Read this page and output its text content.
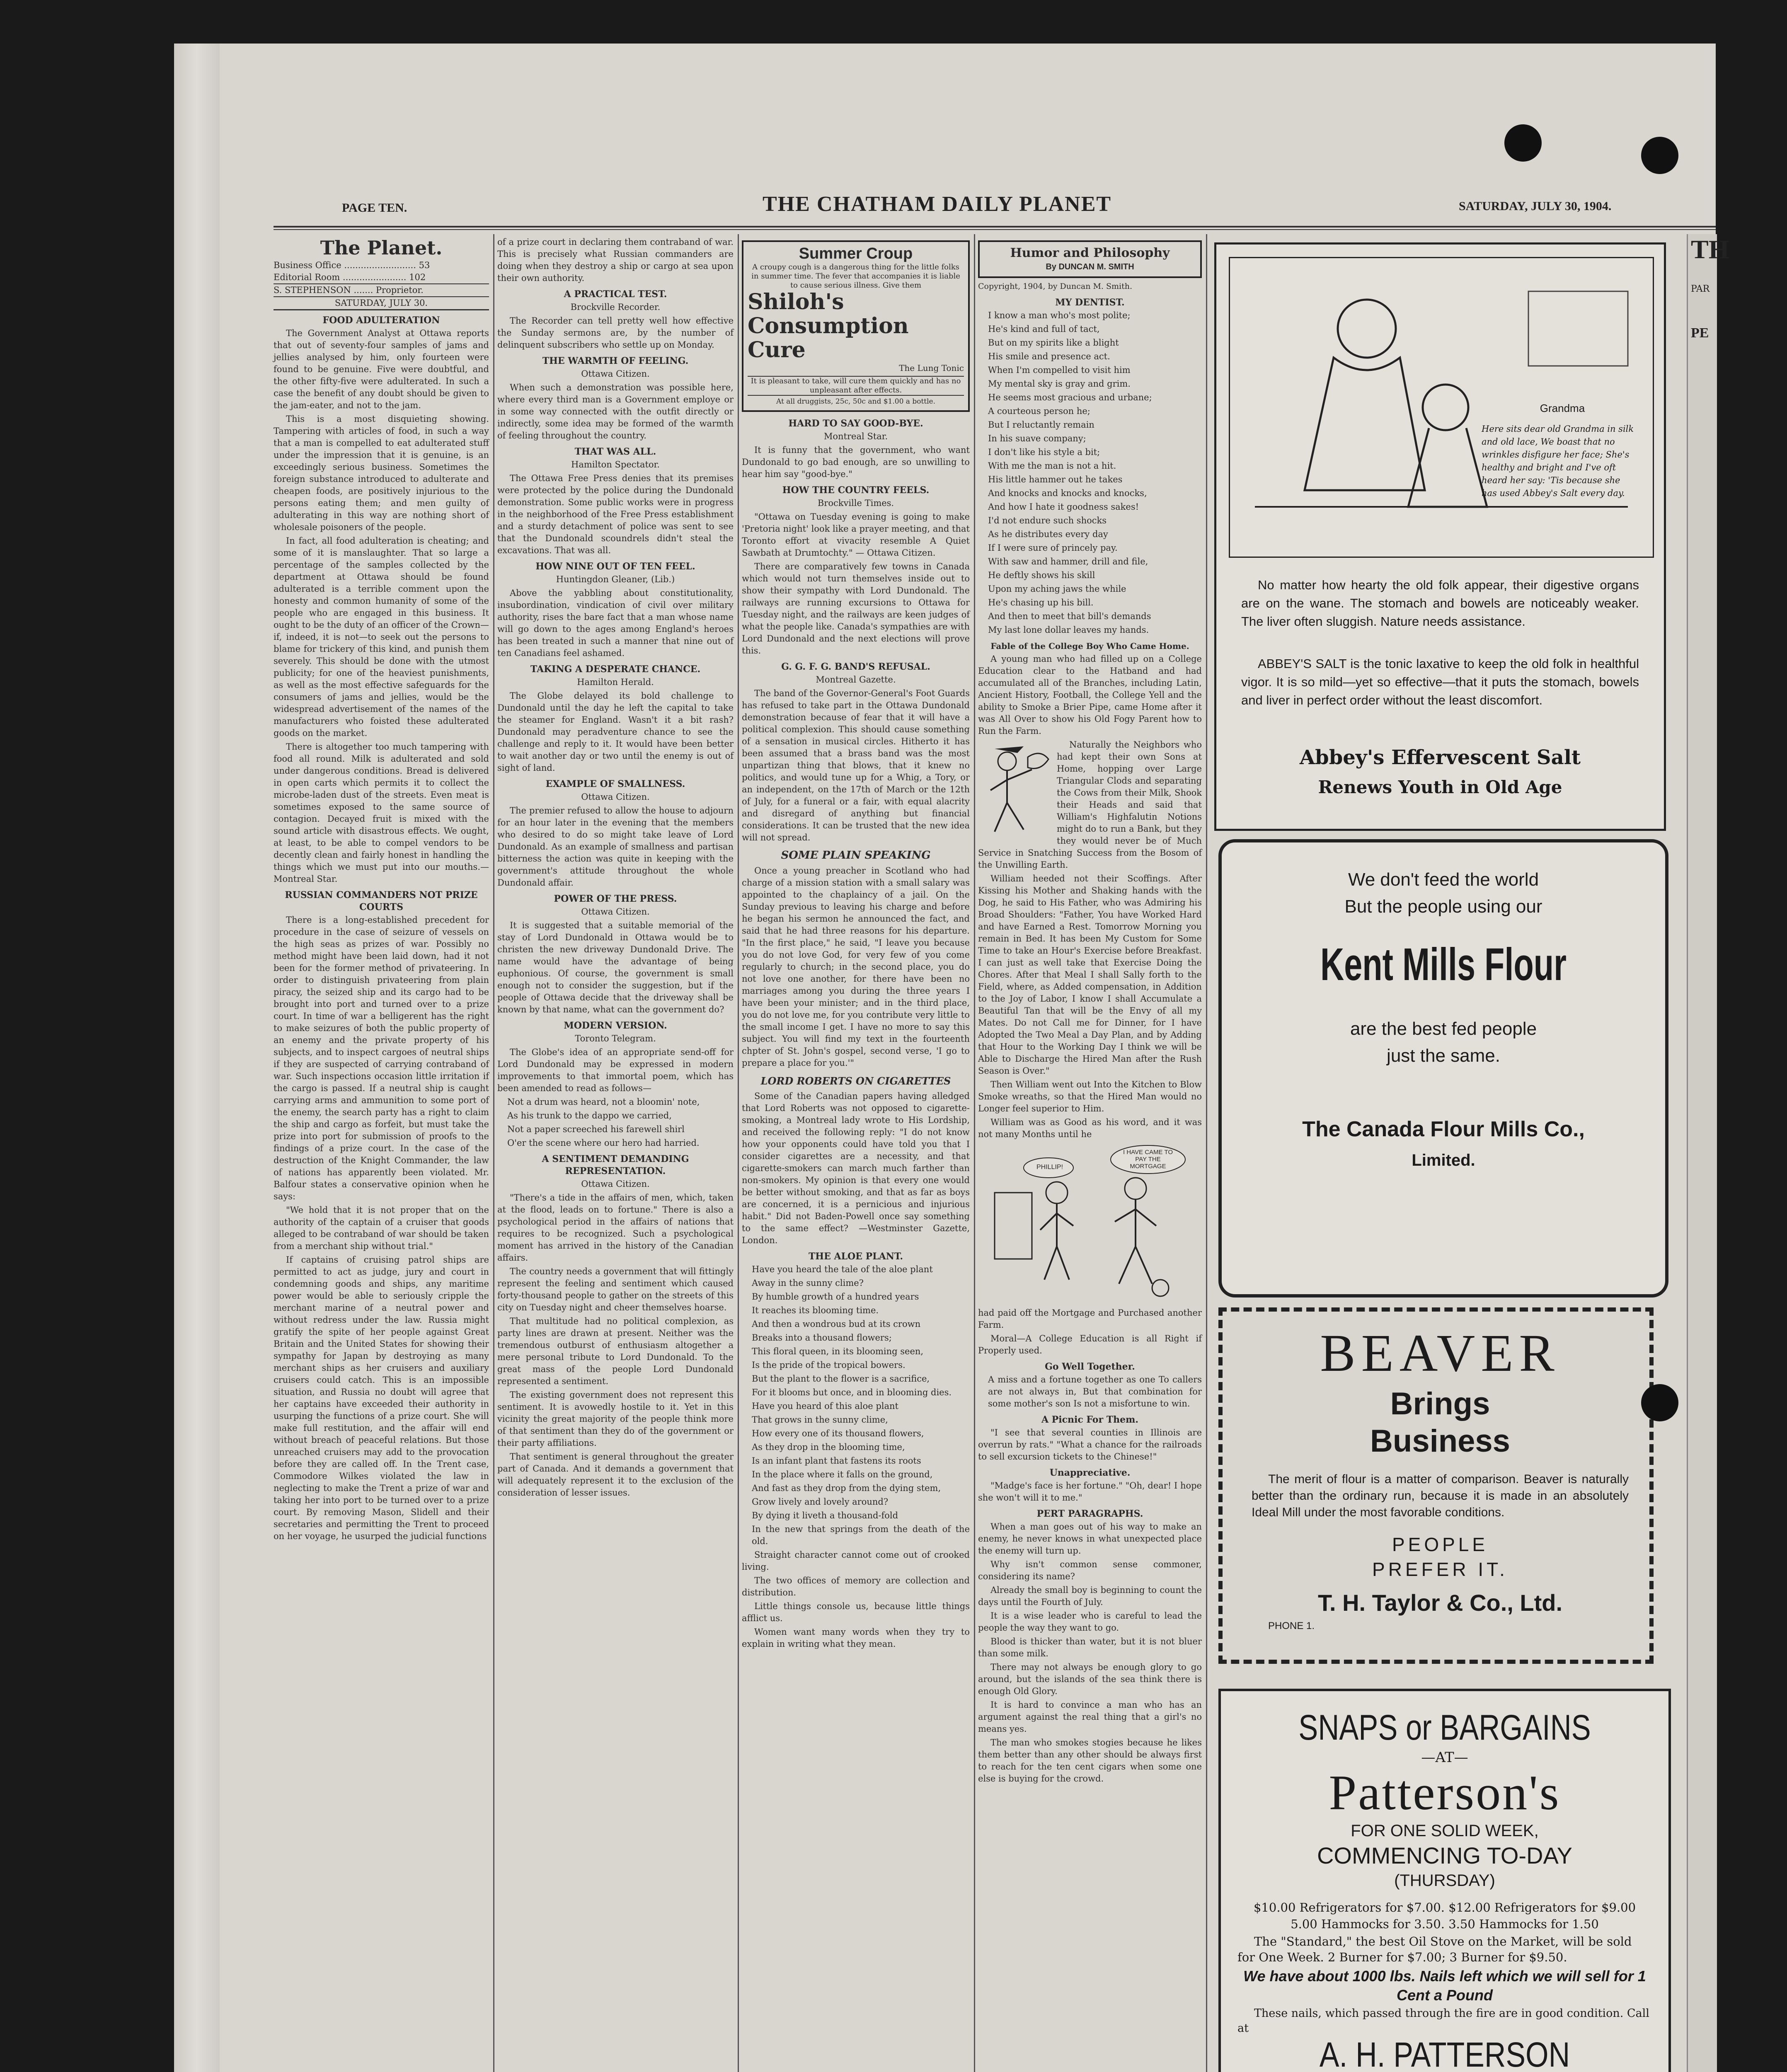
PAGE TEN.	THE CHATHAM DAILY PLANET	SATURDAY, JULY 30, 1904.
The Planet.
Business Office .......................... 53
Editorial Room ....................... 102
S. STEPHENSON ....... Proprietor.
SATURDAY, JULY 30.

FOOD ADULTERATION

The Government Analyst at Ottawa reports that out of seventy-four samples of jams and jellies analysed by him, only fourteen were found to be genuine. Five were doubtful, and the other fifty-five were adulterated. In such a case the benefit of any doubt should be given to the jam-eater, and not to the jam.

This is a most disquieting showing. Tampering with articles of food, in such a way that a man is compelled to eat adulterated stuff under the impression that it is genuine, is an exceedingly serious business. Sometimes the foreign substance introduced to adulterate and cheapen foods, are positively injurious to the persons eating them; and men guilty of adulterating in this way are nothing short of wholesale poisoners of the people.

In fact, all food adulteration is cheating; and some of it is manslaughter. That so large a percentage of the samples collected by the department at Ottawa should be found adulterated is a terrible comment upon the honesty and common humanity of some of the people who are engaged in this business. It ought to be the duty of an officer of the Crown—if, indeed, it is not—to seek out the persons to blame for trickery of this kind, and punish them severely. This should be done with the utmost publicity; for one of the heaviest punishments, as well as the most effective safeguards for the consumers of jams and jellies, would be the widespread advertisement of the names of the manufacturers who foisted these adulterated goods on the market.

There is altogether too much tampering with food all round. Milk is adulterated and sold under dangerous conditions. Bread is delivered in open carts which permits it to collect the microbe-laden dust of the streets. Even meat is sometimes exposed to the same source of contagion. Decayed fruit is mixed with the sound article with disastrous effects. We ought, at least, to be able to compel vendors to be decently clean and fairly honest in handling the things which we must put into our mouths.—Montreal Star.

RUSSIAN COMMANDERS NOT PRIZE COURTS

There is a long-established precedent for procedure in the case of seizure of vessels on the high seas as prizes of war. Possibly no method might have been laid down, had it not been for the former method of privateering. In order to distinguish privateering from plain piracy, the seized ship and its cargo had to be brought into port and turned over to a prize court. In time of war a belligerent has the right to make seizures of both the public property of an enemy and the private property of his subjects, and to inspect cargoes of neutral ships if they are suspected of carrying contraband of war. Such inspections occasion little irritation if the cargo is passed. If a neutral ship is caught carrying arms and ammunition to some port of the enemy, the search party has a right to claim the ship and cargo as forfeit, but must take the prize into port for submission of proofs to the findings of a prize court. In the case of the destruction of the Knight Commander, the law of nations has apparently been violated. Mr. Balfour states a conservative opinion when he says:

"We hold that it is not proper that on the authority of the captain of a cruiser that goods alleged to be contraband of war should be taken from a merchant ship without trial."

If captains of cruising patrol ships are permitted to act as judge, jury and court in condemning goods and ships, any maritime power would be able to seriously cripple the merchant marine of a neutral power and without redress under the law. Russia might gratify the spite of her people against Great Britain and the United States for showing their sympathy for Japan by destroying as many merchant ships as her cruisers and auxiliary cruisers could catch. This is an impossible situation, and Russia no doubt will agree that her captains have exceeded their authority in usurping the functions of a prize court. She will make full restitution, and the affair will end without breach of peaceful relations. But those unreached cruisers may add to the provocation before they are called off. In the Trent case, Commodore Wilkes violated the law in neglecting to make the Trent a prize of war and taking her into port to be turned over to a prize court. By removing Mason, Slidell and their secretaries and permitting the Trent to proceed on her voyage, he usurped the judicial functions

of a prize court in declaring them contraband of war. This is precisely what Russian commanders are doing when they destroy a ship or cargo at sea upon their own authority.

A PRACTICAL TEST.

Brockville Recorder.

The Recorder can tell pretty well how effective the Sunday sermons are, by the number of delinquent subscribers who settle up on Monday.

THE WARMTH OF FEELING.

Ottawa Citizen.

When such a demonstration was possible here, where every third man is a Government employe or in some way connected with the outfit directly or indirectly, some idea may be formed of the warmth of feeling throughout the country.

THAT WAS ALL.

Hamilton Spectator.

The Ottawa Free Press denies that its premises were protected by the police during the Dundonald demonstration. Some public works were in progress in the neighborhood of the Free Press establishment and a sturdy detachment of police was sent to see that the Dundonald scoundrels didn't steal the excavations. That was all.

HOW NINE OUT OF TEN FEEL.

Huntingdon Gleaner, (Lib.)

Above the yabbling about constitutionality, insubordination, vindication of civil over military authority, rises the bare fact that a man whose name will go down to the ages among England's heroes has been treated in such a manner that nine out of ten Canadians feel ashamed.

TAKING A DESPERATE CHANCE.

Hamilton Herald.

The Globe delayed its bold challenge to Dundonald until the day he left the capital to take the steamer for England. Wasn't it a bit rash? Dundonald may peradventure chance to see the challenge and reply to it. It would have been better to wait another day or two until the enemy is out of sight of land.

EXAMPLE OF SMALLNESS.

Ottawa Citizen.

The premier refused to allow the house to adjourn for an hour later in the evening that the members who desired to do so might take leave of Lord Dundonald. As an example of smallness and partisan bitterness the action was quite in keeping with the government's attitude throughout the whole Dundonald affair.

POWER OF THE PRESS.

Ottawa Citizen.

It is suggested that a suitable memorial of the stay of Lord Dundonald in Ottawa would be to christen the new driveway Dundonald Drive. The name would have the advantage of being euphonious. Of course, the government is small enough not to consider the suggestion, but if the people of Ottawa decide that the driveway shall be known by that name, what can the government do?

MODERN VERSION.

Toronto Telegram.

The Globe's idea of an appropriate send-off for Lord Dundonald may be expressed in modern improvements to that immortal poem, which has been amended to read as follows—

Not a drum was heard, not a bloomin' note,

As his trunk to the dappo we carried,

Not a paper screeched his farewell shirl

O'er the scene where our hero had harried.

A SENTIMENT DEMANDING REPRESENTATION.

Ottawa Citizen.

"There's a tide in the affairs of men, which, taken at the flood, leads on to fortune." There is also a psychological period in the affairs of nations that requires to be recognized. Such a psychological moment has arrived in the history of the Canadian affairs.

The country needs a government that will fittingly represent the feeling and sentiment which caused forty-thousand people to gather on the streets of this city on Tuesday night and cheer themselves hoarse.

That multitude had no political complexion, as party lines are drawn at present. Neither was the tremendous outburst of enthusiasm altogether a mere personal tribute to Lord Dundonald. To the great mass of the people Lord Dundonald represented a sentiment.

The existing government does not represent this sentiment. It is avowedly hostile to it. Yet in this vicinity the great majority of the people think more of that sentiment than they do of the government or their party affiliations.

That sentiment is general throughout the greater part of Canada. And it demands a government that will adequately represent it to the exclusion of the consideration of lesser issues.

Summer Croup
A croupy cough is a dangerous thing for the little folks in summer time. The fever that accompanies it is liable to cause serious illness. Give them
Shiloh's Consumption Cure
The Lung Tonic
It is pleasant to take, will cure them quickly and has no unpleasant after effects.
At all druggists, 25c, 50c and $1.00 a bottle.

HARD TO SAY GOOD-BYE.

Montreal Star.

It is funny that the government, who want Dundonald to go bad enough, are so unwilling to hear him say "good-bye."

HOW THE COUNTRY FEELS.

Brockville Times.

"Ottawa on Tuesday evening is going to make 'Pretoria night' look like a prayer meeting, and that Toronto effort at vivacity resemble A Quiet Sawbath at Drumtochty." — Ottawa Citizen.

There are comparatively few towns in Canada which would not turn themselves inside out to show their sympathy with Lord Dundonald. The railways are running excursions to Ottawa for Tuesday night, and the railways are keen judges of what the people like. Canada's sympathies are with Lord Dundonald and the next elections will prove this.

G. G. F. G. BAND'S REFUSAL.

Montreal Gazette.

The band of the Governor-General's Foot Guards has refused to take part in the Ottawa Dundonald demonstration because of fear that it will have a political complexion. This should cause something of a sensation in musical circles. Hitherto it has been assumed that a brass band was the most unpartizan thing that blows, that it knew no politics, and would tune up for a Whig, a Tory, or an independent, on the 17th of March or the 12th of July, for a funeral or a fair, with equal alacrity and disregard of anything but financial considerations. It can be trusted that the new idea will not spread.

SOME PLAIN SPEAKING

Once a young preacher in Scotland who had charge of a mission station with a small salary was appointed to the chaplaincy of a jail. On the Sunday previous to leaving his charge and before he began his sermon he announced the fact, and said that he had three reasons for his departure. "In the first place," he said, "I leave you because you do not love God, for very few of you come regularly to church; in the second place, you do not love one another, for there have been no marriages among you during the three years I have been your minister; and in the third place, you do not love me, for you contribute very little to the small income I get. I have no more to say this subject. You will find my text in the fourteenth chpter of St. John's gospel, second verse, 'I go to prepare a place for you.'"

LORD ROBERTS ON CIGARETTES

Some of the Canadian papers having alledged that Lord Roberts was not opposed to cigarette-smoking, a Montreal lady wrote to His Lordship, and received the following reply: "I do not know how your opponents could have told you that I consider cigarettes are a necessity, and that cigarette-smokers can march much farther than non-smokers. My opinion is that every one would be better without smoking, and that as far as boys are concerned, it is a pernicious and injurious habit." Did not Baden-Powell once say something to the same effect? —Westminster Gazette, London.

THE ALOE PLANT.

Have you heard the tale of the aloe plant

Away in the sunny clime?

By humble growth of a hundred years

It reaches its blooming time.

And then a wondrous bud at its crown

Breaks into a thousand flowers;

This floral queen, in its blooming seen,

Is the pride of the tropical bowers.

But the plant to the flower is a sacrifice,

For it blooms but once, and in blooming dies.

Have you heard of this aloe plant

That grows in the sunny clime,

How every one of its thousand flowers,

As they drop in the blooming time,

Is an infant plant that fastens its roots

In the place where it falls on the ground,

And fast as they drop from the dying stem,

Grow lively and lovely around?

By dying it liveth a thousand-fold

In the new that springs from the death of the old.

Straight character cannot come out of crooked living.

The two offices of memory are collection and distribution.

Little things console us, because little things afflict us.

Women want many words when they try to explain in writing what they mean.

Humor and Philosophy
By DUNCAN M. SMITH

Copyright, 1904, by Duncan M. Smith.

MY DENTIST.

I know a man who's most polite;

He's kind and full of tact,

But on my spirits like a blight

His smile and presence act.

When I'm compelled to visit him

My mental sky is gray and grim.

He seems most gracious and urbane;

A courteous person he;

But I reluctantly remain

In his suave company;

I don't like his style a bit;

With me the man is not a hit.

His little hammer out he takes

And knocks and knocks and knocks,

And how I hate it goodness sakes!

I'd not endure such shocks

As he distributes every day

If I were sure of princely pay.

With saw and hammer, drill and file,

He deftly shows his skill

Upon my aching jaws the while

He's chasing up his bill.

And then to meet that bill's demands

My last lone dollar leaves my hands.

Fable of the College Boy Who Came Home.

A young man who had filled up on a College Education clear to the Hatband and had accumulated all of the Branches, including Latin, Ancient History, Football, the College Yell and the ability to Smoke a Brier Pipe, came Home after it was All Over to show his Old Fogy Parent how to Run the Farm.

Naturally the Neighbors who had kept their own Sons at Home, hopping over Large Triangular Clods and separating the Cows from their Milk, Shook their Heads and said that William's Highfalutin Notions might do to run a Bank, but they they would never be of Much Service in Snatching Success from the Bosom of the Unwilling Earth.

William heeded not their Scoffings. After Kissing his Mother and Shaking hands with the Dog, he said to His Father, who was Admiring his Broad Shoulders: "Father, You have Worked Hard and have Earned a Rest. Tomorrow Morning you remain in Bed. It has been My Custom for Some Time to take an Hour's Exercise before Breakfast. I can just as well take that Exercise Doing the Chores. After that Meal I shall Sally forth to the Field, where, as Added compensation, in Addition to the Joy of Labor, I know I shall Accumulate a Beautiful Tan that will be the Envy of all my Mates. Do not Call me for Dinner, for I have Adopted the Two Meal a Day Plan, and by Adding that Hour to the Working Day I think we will be Able to Discharge the Hired Man after the Rush Season is Over."

Then William went out Into the Kitchen to Blow Smoke wreaths, so that the Hired Man would no Longer feel superior to Him.

William was as Good as his word, and it was not many Months until he

I HAVE CAME TO PAY THE MORTGAGE
PHILLIP!

had paid off the Mortgage and Purchased another Farm.

Moral—A College Education is all Right if Properly used.

Go Well Together.

A miss and a fortune together as one To callers are not always in, But that combination for some mother's son Is not a misfortune to win.

A Picnic For Them.

"I see that several counties in Illinois are overrun by rats." "What a chance for the railroads to sell excursion tickets to the Chinese!"

Unappreciative.

"Madge's face is her fortune." "Oh, dear! I hope she won't will it to me."

PERT PARAGRAPHS.

When a man goes out of his way to make an enemy, he never knows in what unexpected place the enemy will turn up.

Why isn't common sense commoner, considering its name?

Already the small boy is beginning to count the days until the Fourth of July.

It is a wise leader who is careful to lead the people the way they want to go.

Blood is thicker than water, but it is not bluer than some milk.

There may not always be enough glory to go around, but the islands of the sea think there is enough Old Glory.

It is hard to convince a man who has an argument against the real thing that a girl's no means yes.

The man who smokes stogies because he likes them better than any other should be always first to reach for the ten cent cigars when some one else is buying for the crowd.

Grandma
Here sits dear old Grandma in silk and old lace, We boast that no wrinkles disfigure her face; She's healthy and bright and I've oft heard her say: 'Tis because she has used Abbey's Salt every day.
No matter how hearty the old folk appear, their digestive organs are on the wane. The stomach and bowels are noticeably weaker. The liver often sluggish. Nature needs assistance.
ABBEY'S SALT is the tonic laxative to keep the old folk in healthful vigor. It is so mild—yet so effective—that it puts the stomach, bowels and liver in perfect order without the least discomfort.
Abbey's Effervescent Salt
Renews Youth in Old Age
We don't feed the world
But the people using our
Kent Mills Flour
are the best fed people
just the same.
The Canada Flour Mills Co.,
Limited.
BEAVER
Brings
Business
The merit of flour is a matter of comparison. Beaver is naturally better than the ordinary run, because it is made in an absolutely Ideal Mill under the most favorable conditions.
PEOPLE
PREFER IT.
T. H. Taylor & Co., Ltd.
PHONE 1.
SNAPS or BARGAINS
—AT—
Patterson's
FOR ONE SOLID WEEK,
COMMENCING TO-DAY
(THURSDAY)
$10.00 Refrigerators for $7.00. $12.00 Refrigerators for $9.00
5.00 Hammocks for 3.50. 3.50 Hammocks for 1.50
The "Standard," the best Oil Stove on the Market, will be sold for One Week. 2 Burner for $7.00; 3 Burner for $9.50.
We have about 1000 lbs. Nails left which we will sell for 1 Cent a Pound
These nails, which passed through the fire are in good condition. Call at
A. H. PATTERSON
TH
PAR
PE
